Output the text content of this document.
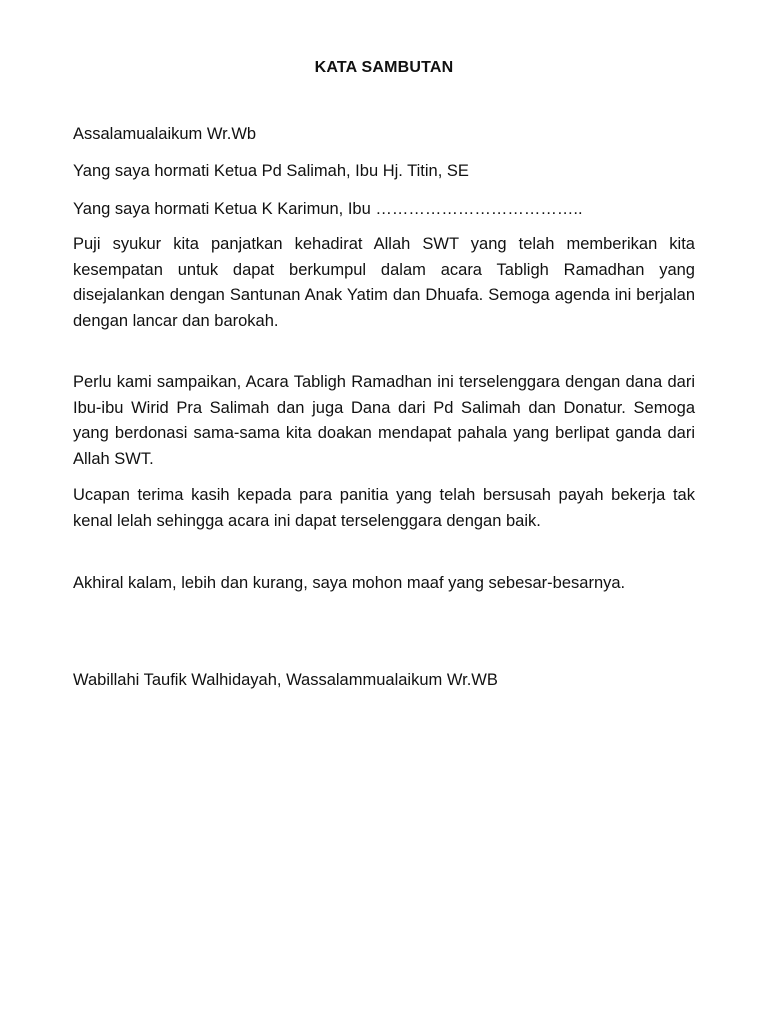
KATA SAMBUTAN
Assalamualaikum Wr.Wb
Yang saya hormati Ketua Pd Salimah, Ibu Hj. Titin, SE
Yang saya hormati Ketua K Karimun, Ibu ………………………………..

Puji syukur kita panjatkan kehadirat Allah SWT yang telah memberikan kita kesempatan untuk dapat berkumpul dalam acara Tabligh Ramadhan yang disejalankan dengan Santunan Anak Yatim dan Dhuafa. Semoga agenda ini berjalan dengan lancar dan barokah.

Perlu kami sampaikan, Acara Tabligh Ramadhan ini terselenggara dengan dana dari Ibu-ibu Wirid Pra Salimah dan juga Dana dari Pd Salimah dan Donatur. Semoga yang berdonasi sama-sama kita doakan mendapat pahala yang berlipat ganda dari Allah SWT.

Ucapan terima kasih kepada para panitia yang telah bersusah payah bekerja tak kenal lelah sehingga acara ini dapat terselenggara dengan baik.

Akhiral kalam, lebih dan kurang, saya mohon maaf yang sebesar-besarnya.

Wabillahi Taufik Walhidayah, Wassalammualaikum Wr.WB
